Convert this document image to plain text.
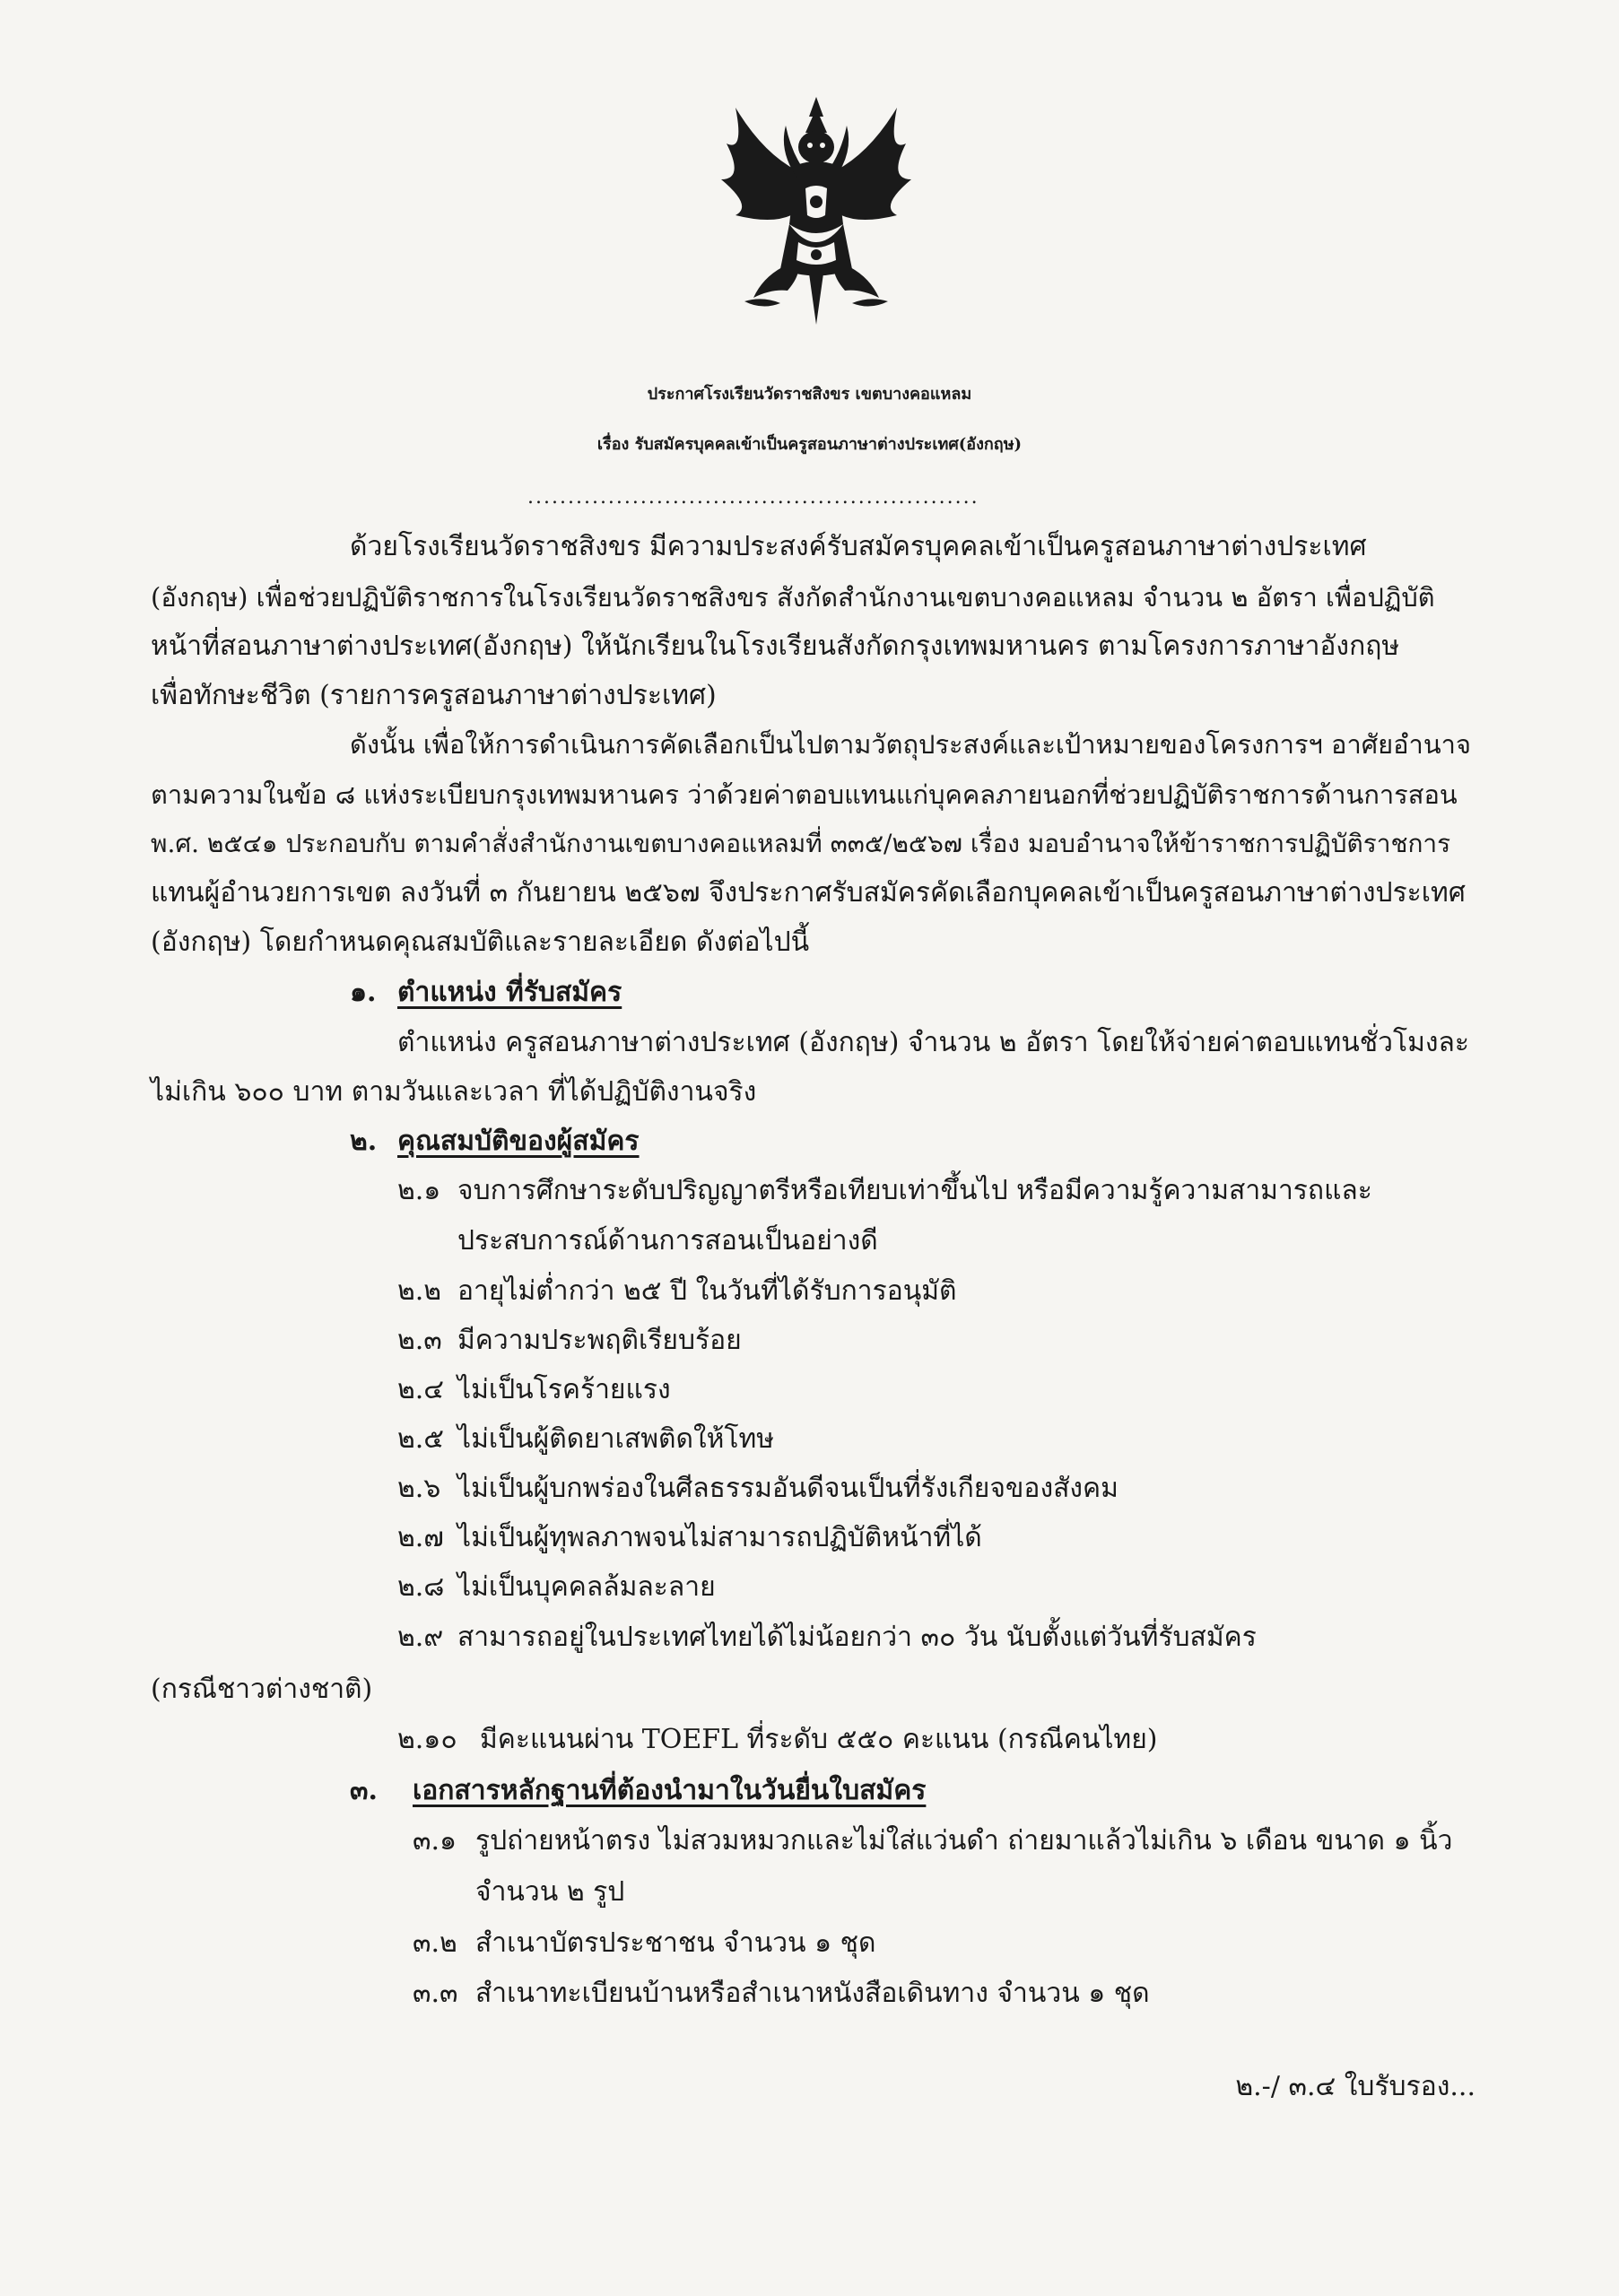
ประกาศโรงเรียนวัดราชสิงขร เขตบางคอแหลม
เรื่อง รับสมัครบุคคลเข้าเป็นครูสอนภาษาต่างประเทศ(อังกฤษ)
........................................................
ด้วยโรงเรียนวัดราชสิงขร มีความประสงค์รับสมัครบุคคลเข้าเป็นครูสอนภาษาต่างประเทศ
(อังกฤษ) เพื่อช่วยปฏิบัติราชการในโรงเรียนวัดราชสิงขร สังกัดสำนักงานเขตบางคอแหลม จำนวน ๒ อัตรา เพื่อปฏิบัติ
หน้าที่สอนภาษาต่างประเทศ(อังกฤษ) ให้นักเรียนในโรงเรียนสังกัดกรุงเทพมหานคร ตามโครงการภาษาอังกฤษ
เพื่อทักษะชีวิต (รายการครูสอนภาษาต่างประเทศ)
ดังนั้น เพื่อให้การดำเนินการคัดเลือกเป็นไปตามวัตถุประสงค์และเป้าหมายของโครงการฯ อาศัยอำนาจ
ตามความในข้อ ๘ แห่งระเบียบกรุงเทพมหานคร ว่าด้วยค่าตอบแทนแก่บุคคลภายนอกที่ช่วยปฏิบัติราชการด้านการสอน
พ.ศ. ๒๕๔๑ ประกอบกับ ตามคำสั่งสำนักงานเขตบางคอแหลมที่ ๓๓๕/๒๕๖๗ เรื่อง มอบอำนาจให้ข้าราชการปฏิบัติราชการ
แทนผู้อำนวยการเขต ลงวันที่ ๓ กันยายน ๒๕๖๗ จึงประกาศรับสมัครคัดเลือกบุคคลเข้าเป็นครูสอนภาษาต่างประเทศ
(อังกฤษ) โดยกำหนดคุณสมบัติและรายละเอียด ดังต่อไปนี้
๑. ตำแหน่ง ที่รับสมัคร
ตำแหน่ง ครูสอนภาษาต่างประเทศ (อังกฤษ) จำนวน ๒ อัตรา โดยให้จ่ายค่าตอบแทนชั่วโมงละ
ไม่เกิน ๖๐๐ บาท ตามวันและเวลา ที่ได้ปฏิบัติงานจริง
๒. คุณสมบัติของผู้สมัคร
๒.๑ จบการศึกษาระดับปริญญาตรีหรือเทียบเท่าขึ้นไป หรือมีความรู้ความสามารถและ
ประสบการณ์ด้านการสอนเป็นอย่างดี
๒.๒ อายุไม่ต่ำกว่า ๒๕ ปี ในวันที่ได้รับการอนุมัติ
๒.๓ มีความประพฤติเรียบร้อย
๒.๔ ไม่เป็นโรคร้ายแรง
๒.๕ ไม่เป็นผู้ติดยาเสพติดให้โทษ
๒.๖ ไม่เป็นผู้บกพร่องในศีลธรรมอันดีจนเป็นที่รังเกียจของสังคม
๒.๗ ไม่เป็นผู้ทุพลภาพจนไม่สามารถปฏิบัติหน้าที่ได้
๒.๘ ไม่เป็นบุคคลล้มละลาย
๒.๙ สามารถอยู่ในประเทศไทยได้ไม่น้อยกว่า ๓๐ วัน นับตั้งแต่วันที่รับสมัคร
(กรณีชาวต่างชาติ)
๒.๑๐ มีคะแนนผ่าน TOEFL ที่ระดับ ๕๕๐ คะแนน (กรณีคนไทย)
๓. เอกสารหลักฐานที่ต้องนำมาในวันยื่นใบสมัคร
๓.๑ รูปถ่ายหน้าตรง ไม่สวมหมวกและไม่ใส่แว่นดำ ถ่ายมาแล้วไม่เกิน ๖ เดือน ขนาด ๑ นิ้ว
จำนวน ๒ รูป
๓.๒ สำเนาบัตรประชาชน จำนวน ๑ ชุด
๓.๓ สำเนาทะเบียนบ้านหรือสำเนาหนังสือเดินทาง จำนวน ๑ ชุด
๒.-/ ๓.๔ ใบรับรอง...
